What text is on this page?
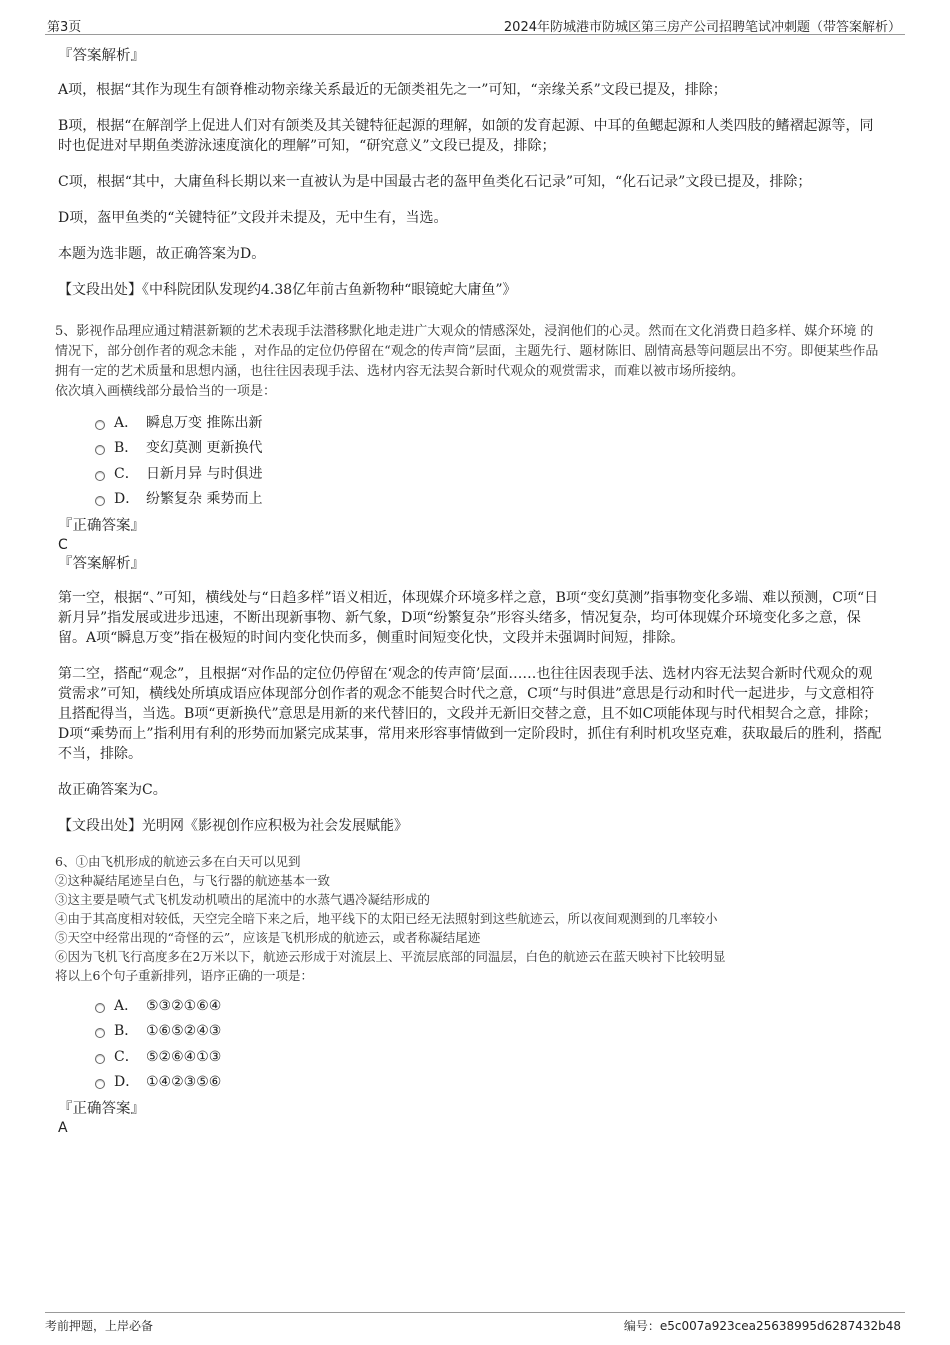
第3页	2024年防城港市防城区第三房产公司招聘笔试冲刺题（带答案解析）
『答案解析』

A项，根据“其作为现生有颌脊椎动物亲缘关系最近的无颌类祖先之一”可知，“亲缘关系”文段已提及，排除；

B项，根据“在解剖学上促进人们对有颌类及其关键特征起源的理解，如颌的发育起源、中耳的鱼鳃起源和人类四肢的鳍褶起源等，同时也促进对早期鱼类游泳速度演化的理解”可知，“研究意义”文段已提及，排除；

C项，根据“其中，大庸鱼科长期以来一直被认为是中国最古老的盔甲鱼类化石记录”可知，“化石记录”文段已提及，排除；

D项，盔甲鱼类的“关键特征”文段并未提及，无中生有，当选。

本题为选非题，故正确答案为D。

【文段出处】《中科院团队发现约4.38亿年前古鱼新物种“眼镜蛇大庸鱼”》

5、影视作品理应通过精湛新颖的艺术表现手法潜移默化地走进广大观众的情感深处，浸润他们的心灵。然而在文化消费日趋多样、媒介环境 的情况下，部分创作者的观念未能 ，对作品的定位仍停留在“观念的传声筒”层面，主题先行、题材陈旧、剧情高悬等问题层出不穷。即便某些作品拥有一定的艺术质量和思想内涵，也往往因表现手法、选材内容无法契合新时代观众的观赏需求，而难以被市场所接纳。

依次填入画横线部分最恰当的一项是：

A． 瞬息万变 推陈出新
B． 变幻莫测 更新换代
C． 日新月异 与时俱进
D． 纷繁复杂 乘势而上
『正确答案』
C
『答案解析』

第一空，根据“、”可知，横线处与“日趋多样”语义相近，体现媒介环境多样之意，B项“变幻莫测”指事物变化多端、难以预测，C项“日新月异”指发展或进步迅速，不断出现新事物、新气象，D项“纷繁复杂”形容头绪多，情况复杂，均可体现媒介环境变化多之意，保留。A项“瞬息万变”指在极短的时间内变化快而多，侧重时间短变化快，文段并未强调时间短，排除。

第二空，搭配“观念”，且根据“对作品的定位仍停留在‘观念的传声筒’层面……也往往因表现手法、选材内容无法契合新时代观众的观赏需求”可知，横线处所填成语应体现部分创作者的观念不能契合时代之意，C项“与时俱进”意思是行动和时代一起进步，与文意相符且搭配得当，当选。B项“更新换代”意思是用新的来代替旧的，文段并无新旧交替之意，且不如C项能体现与时代相契合之意，排除；D项“乘势而上”指利用有利的形势而加紧完成某事，常用来形容事情做到一定阶段时，抓住有利时机攻坚克难，获取最后的胜利，搭配不当，排除。

故正确答案为C。

【文段出处】光明网《影视创作应积极为社会发展赋能》

6、①由飞机形成的航迹云多在白天可以见到

②这种凝结尾迹呈白色，与飞行器的航迹基本一致

③这主要是喷气式飞机发动机喷出的尾流中的水蒸气遇冷凝结形成的

④由于其高度相对较低，天空完全暗下来之后，地平线下的太阳已经无法照射到这些航迹云，所以夜间观测到的几率较小

⑤天空中经常出现的“奇怪的云”，应该是飞机形成的航迹云，或者称凝结尾迹

⑥因为飞机飞行高度多在2万米以下，航迹云形成于对流层上、平流层底部的同温层，白色的航迹云在蓝天映衬下比较明显

将以上6个句子重新排列，语序正确的一项是：

A． ⑤③②①⑥④
B． ①⑥⑤②④③
C． ⑤②⑥④①③
D． ①④②③⑤⑥
『正确答案』
A
考前押题，上岸必备	编号：e5c007a923cea25638995d6287432b48
